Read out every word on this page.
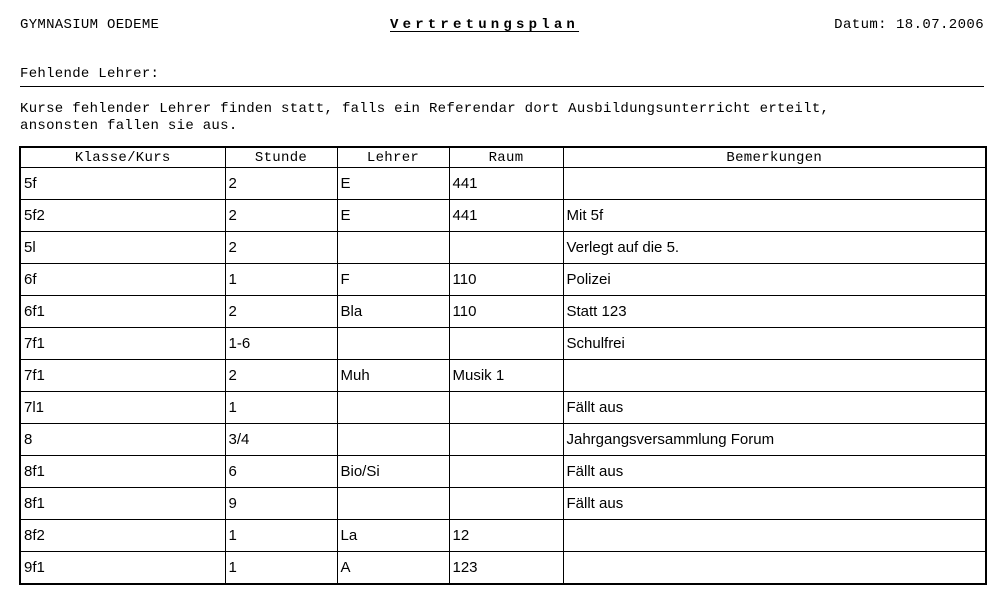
GYMNASIUM OEDEME	Vertretungsplan	Datum: 18.07.2006
Fehlende Lehrer:
Kurse fehlender Lehrer finden statt, falls ein Referendar dort Ausbildungsunterricht erteilt,
ansonsten fallen sie aus.
Klasse/Kurs	Stunde	Lehrer	Raum	Bemerkungen
5f	2	E	441	
5f2	2	E	441	Mit 5f
5l	2			Verlegt auf die 5.
6f	1	F	110	Polizei
6f1	2	Bla	110	Statt 123
7f1	1-6			Schulfrei
7f1	2	Muh	Musik 1	
7l1	1			Fällt aus
8	3/4			Jahrgangsversammlung Forum
8f1	6	Bio/Si		Fällt aus
8f1	9			Fällt aus
8f2	1	La	12	
9f1	1	A	123	
